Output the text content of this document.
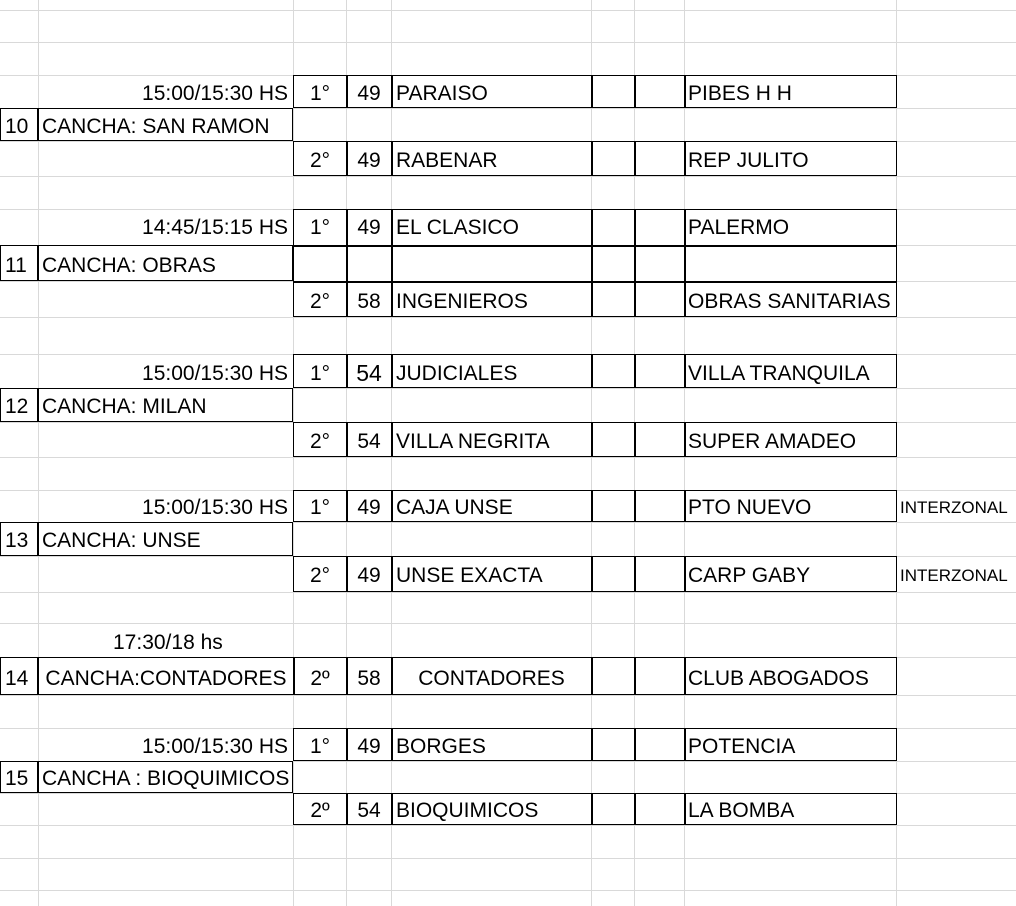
15:00/15:30 HS	1°	49 PARAISO	PIBES H H
10 CANCHA: SAN RAMON
2°	49 RABENAR	REP JULITO
14:45/15:15 HS	1°	49 EL CLASICO	PALERMO
11 CANCHA: OBRAS
2°	58 INGENIEROS	OBRAS SANITARIAS
15:00/15:30 HS	1°	54 JUDICIALES	VILLA TRANQUILA
12 CANCHA: MILAN
2°	54 VILLA NEGRITA	SUPER AMADEO
15:00/15:30 HS	1°	49 CAJA UNSE	PTO NUEVO	INTERZONAL
13 CANCHA: UNSE
2°	49 UNSE EXACTA	CARP GABY	INTERZONAL
17:30/18 hs
14 CANCHA:CONTADORES	2º	58	CONTADORES	CLUB ABOGADOS
15:00/15:30 HS	1°	49 BORGES	POTENCIA
15 CANCHA : BIOQUIMICOS
2º	54 BIOQUIMICOS	LA BOMBA
